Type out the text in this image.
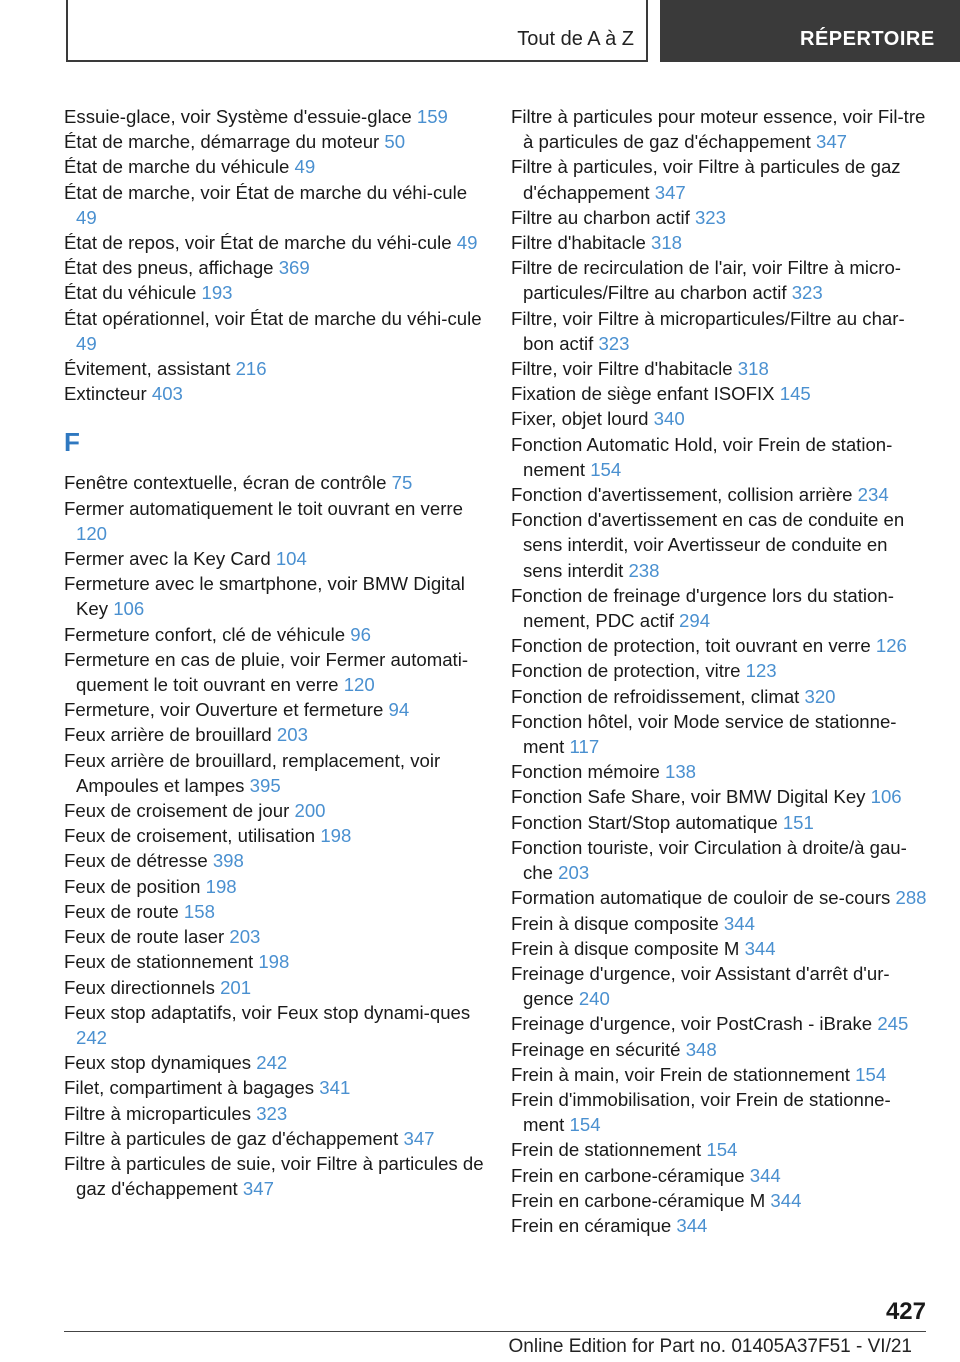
Tout de A à Z	RÉPERTOIRE
Essuie-glace, voir Système d'essuie-glace 159
État de marche, démarrage du moteur 50
État de marche du véhicule 49
État de marche, voir État de marche du véhi-cule 49
État de repos, voir État de marche du véhi-cule 49
État des pneus, affichage 369
État du véhicule 193
État opérationnel, voir État de marche du véhi-cule 49
Évitement, assistant 216
Extincteur 403
F
Fenêtre contextuelle, écran de contrôle 75
Fermer automatiquement le toit ouvrant en verre 120
Fermer avec la Key Card 104
Fermeture avec le smartphone, voir BMW Digital Key 106
Fermeture confort, clé de véhicule 96
Fermeture en cas de pluie, voir Fermer automati-quement le toit ouvrant en verre 120
Fermeture, voir Ouverture et fermeture 94
Feux arrière de brouillard 203
Feux arrière de brouillard, remplacement, voir Ampoules et lampes 395
Feux de croisement de jour 200
Feux de croisement, utilisation 198
Feux de détresse 398
Feux de position 198
Feux de route 158
Feux de route laser 203
Feux de stationnement 198
Feux directionnels 201
Feux stop adaptatifs, voir Feux stop dynami-ques 242
Feux stop dynamiques 242
Filet, compartiment à bagages 341
Filtre à microparticules 323
Filtre à particules de gaz d'échappement 347
Filtre à particules de suie, voir Filtre à particules de gaz d'échappement 347
Filtre à particules pour moteur essence, voir Fil-tre à particules de gaz d'échappement 347
Filtre à particules, voir Filtre à particules de gaz d'échappement 347
Filtre au charbon actif 323
Filtre d'habitacle 318
Filtre de recirculation de l'air, voir Filtre à micro-particules/Filtre au charbon actif 323
Filtre, voir Filtre à microparticules/Filtre au char-bon actif 323
Filtre, voir Filtre d'habitacle 318
Fixation de siège enfant ISOFIX 145
Fixer, objet lourd 340
Fonction Automatic Hold, voir Frein de station-nement 154
Fonction d'avertissement, collision arrière 234
Fonction d'avertissement en cas de conduite en sens interdit, voir Avertisseur de conduite en sens interdit 238
Fonction de freinage d'urgence lors du station-nement, PDC actif 294
Fonction de protection, toit ouvrant en verre 126
Fonction de protection, vitre 123
Fonction de refroidissement, climat 320
Fonction hôtel, voir Mode service de stationne-ment 117
Fonction mémoire 138
Fonction Safe Share, voir BMW Digital Key 106
Fonction Start/Stop automatique 151
Fonction touriste, voir Circulation à droite/à gau-che 203
Formation automatique de couloir de se-cours 288
Frein à disque composite 344
Frein à disque composite M 344
Freinage d'urgence, voir Assistant d'arrêt d'ur-gence 240
Freinage d'urgence, voir PostCrash - iBrake 245
Freinage en sécurité 348
Frein à main, voir Frein de stationnement 154
Frein d'immobilisation, voir Frein de stationne-ment 154
Frein de stationnement 154
Frein en carbone-céramique 344
Frein en carbone-céramique M 344
Frein en céramique 344
427
Online Edition for Part no. 01405A37F51 - VI/21
